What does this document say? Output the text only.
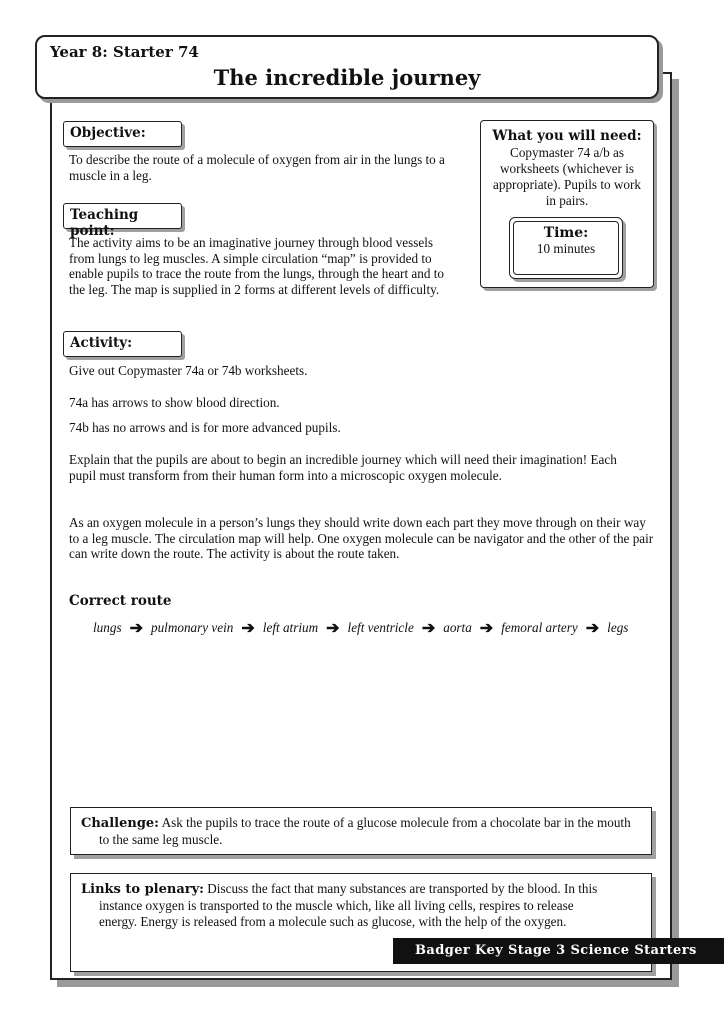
Year 8: Starter 74
The incredible journey
Objective:
To describe the route of a molecule of oxygen from air in the lungs to a muscle in a leg.
Teaching point:
The activity aims to be an imaginative journey through blood vessels from lungs to leg muscles. A simple circulation “map” is provided to enable pupils to trace the route from the lungs, through the heart and to the leg. The map is supplied in 2 forms at different levels of difficulty.
What you will need:
Copymaster 74 a/b as worksheets (whichever is appropriate). Pupils to work in pairs.
Time:
10 minutes
Activity:
Give out Copymaster 74a or 74b worksheets.
74a has arrows to show blood direction.
74b has no arrows and is for more advanced pupils.
Explain that the pupils are about to begin an incredible journey which will need their imagination! Each pupil must transform from their human form into a microscopic oxygen molecule.
As an oxygen molecule in a person’s lungs they should write down each part they move through on their way to a leg muscle. The circulation map will help. One oxygen molecule can be navigator and the other of the pair can write down the route. The activity is about the route taken.
Correct route
lungs ➔ pulmonary vein ➔ left atrium ➔ left ventricle ➔ aorta ➔ femoral artery ➔ legs
Challenge: Ask the pupils to trace the route of a glucose molecule from a chocolate bar in the mouth to the same leg muscle.
Links to plenary: Discuss the fact that many substances are transported by the blood. In this instance oxygen is transported to the muscle which, like all living cells, respires to release energy. Energy is released from a molecule such as glucose, with the help of the oxygen.
Badger Key Stage 3 Science Starters
